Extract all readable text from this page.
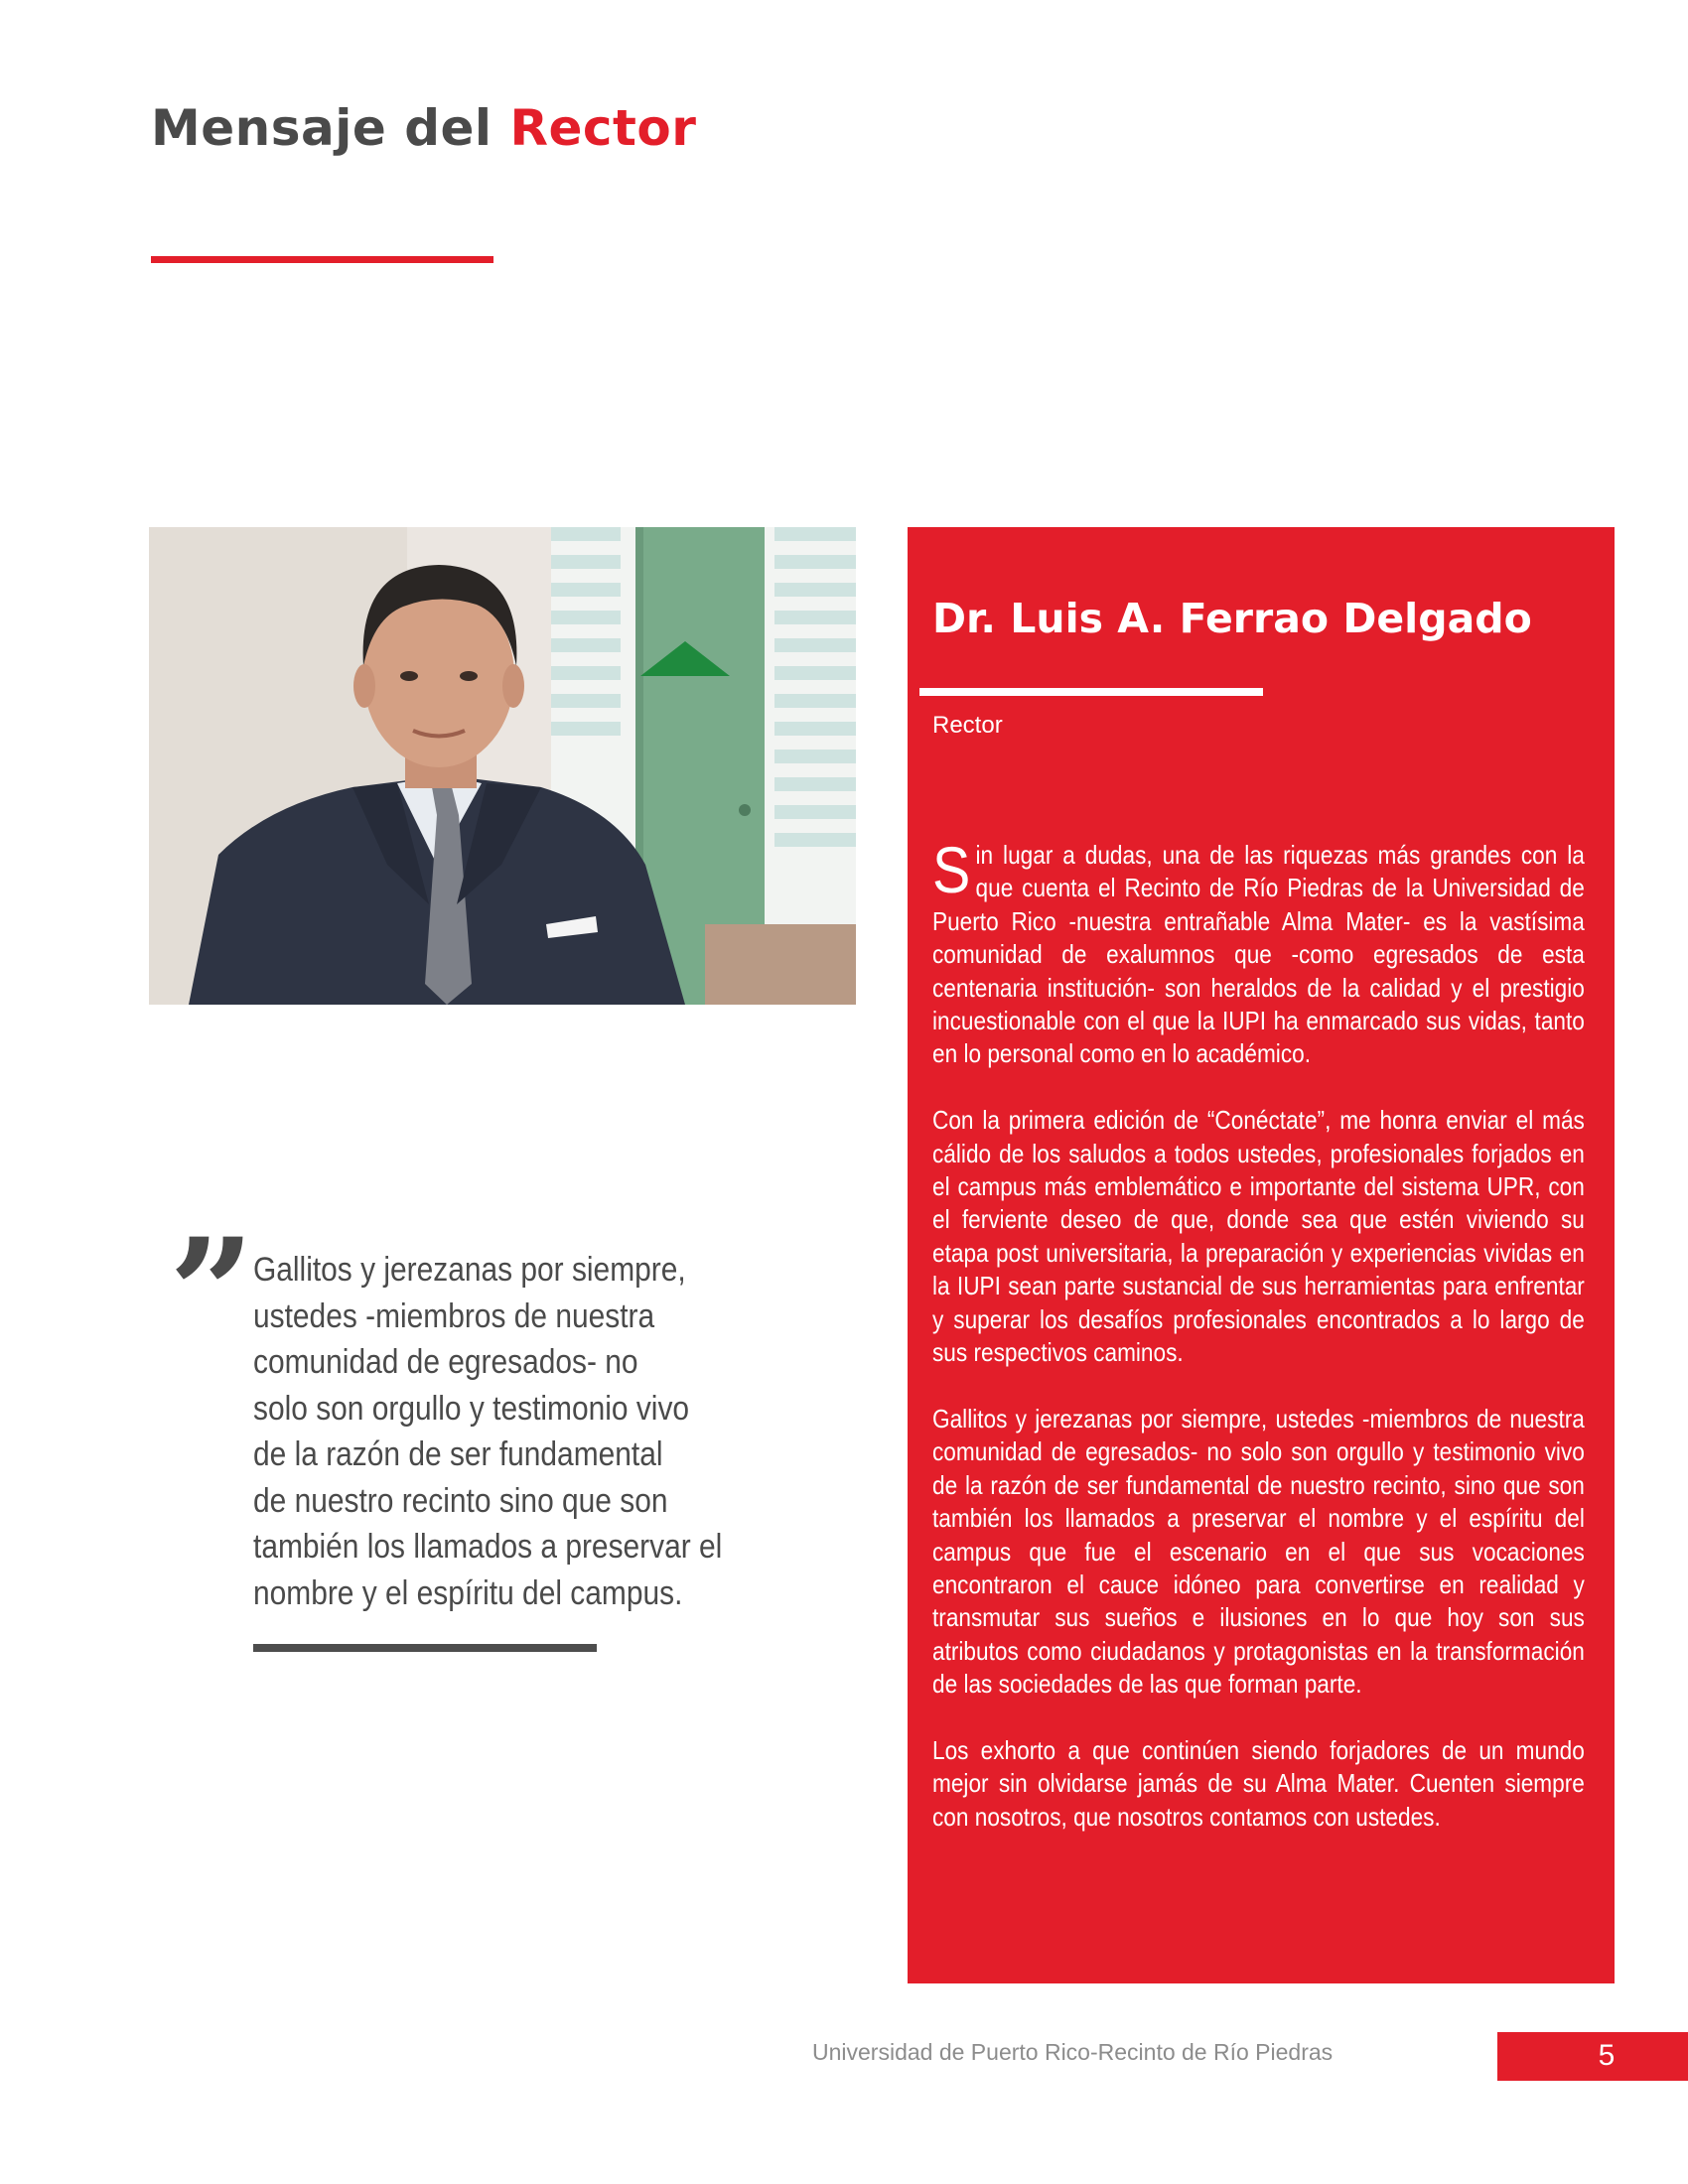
Mensaje del Rector
”
Gallitos y jerezanas por siempre,
ustedes -miembros de nuestra
comunidad de egresados- no
solo son orgullo y testimonio vivo
de la razón de ser fundamental
de nuestro recinto sino que son
también los llamados a preservar el
nombre y el espíritu del campus.
Dr. Luis A. Ferrao Delgado
Rector

Sin lugar a dudas, una de las riquezas más grandes con la que cuenta el Recinto de Río Piedras de la Universidad de Puerto Rico -nuestra entrañable Alma Mater- es la vastísima comunidad de exalumnos que -como egresados de esta centenaria institución- son heraldos de la calidad y el prestigio incuestionable con el que la IUPI ha enmarcado sus vidas, tanto en lo personal como en lo académico.

Con la primera edición de “Conéctate”, me honra enviar el más cálido de los saludos a todos ustedes, profesionales forjados en el campus más emblemático e importante del sistema UPR, con el ferviente deseo de que, donde sea que estén viviendo su etapa post universitaria, la preparación y experiencias vividas en la IUPI sean parte sustancial de sus herramientas para enfrentar y superar los desafíos profesionales encontrados a lo largo de sus respectivos caminos.

Gallitos y jerezanas por siempre, ustedes -miembros de nuestra comunidad de egresados- no solo son orgullo y testimonio vivo de la razón de ser fundamental de nuestro recinto, sino que son también los llamados a preservar el nombre y el espíritu del campus que fue el escenario en el que sus vocaciones encontraron el cauce idóneo para convertirse en realidad y transmutar sus sueños e ilusiones en lo que hoy son sus atributos como ciudadanos y protagonistas en la transformación de las sociedades de las que forman parte.

Los exhorto a que continúen siendo forjadores de un mundo mejor sin olvidarse jamás de su Alma Mater. Cuenten siempre con nosotros, que nosotros contamos con ustedes.

Universidad de Puerto Rico-Recinto de Río Piedras	5
